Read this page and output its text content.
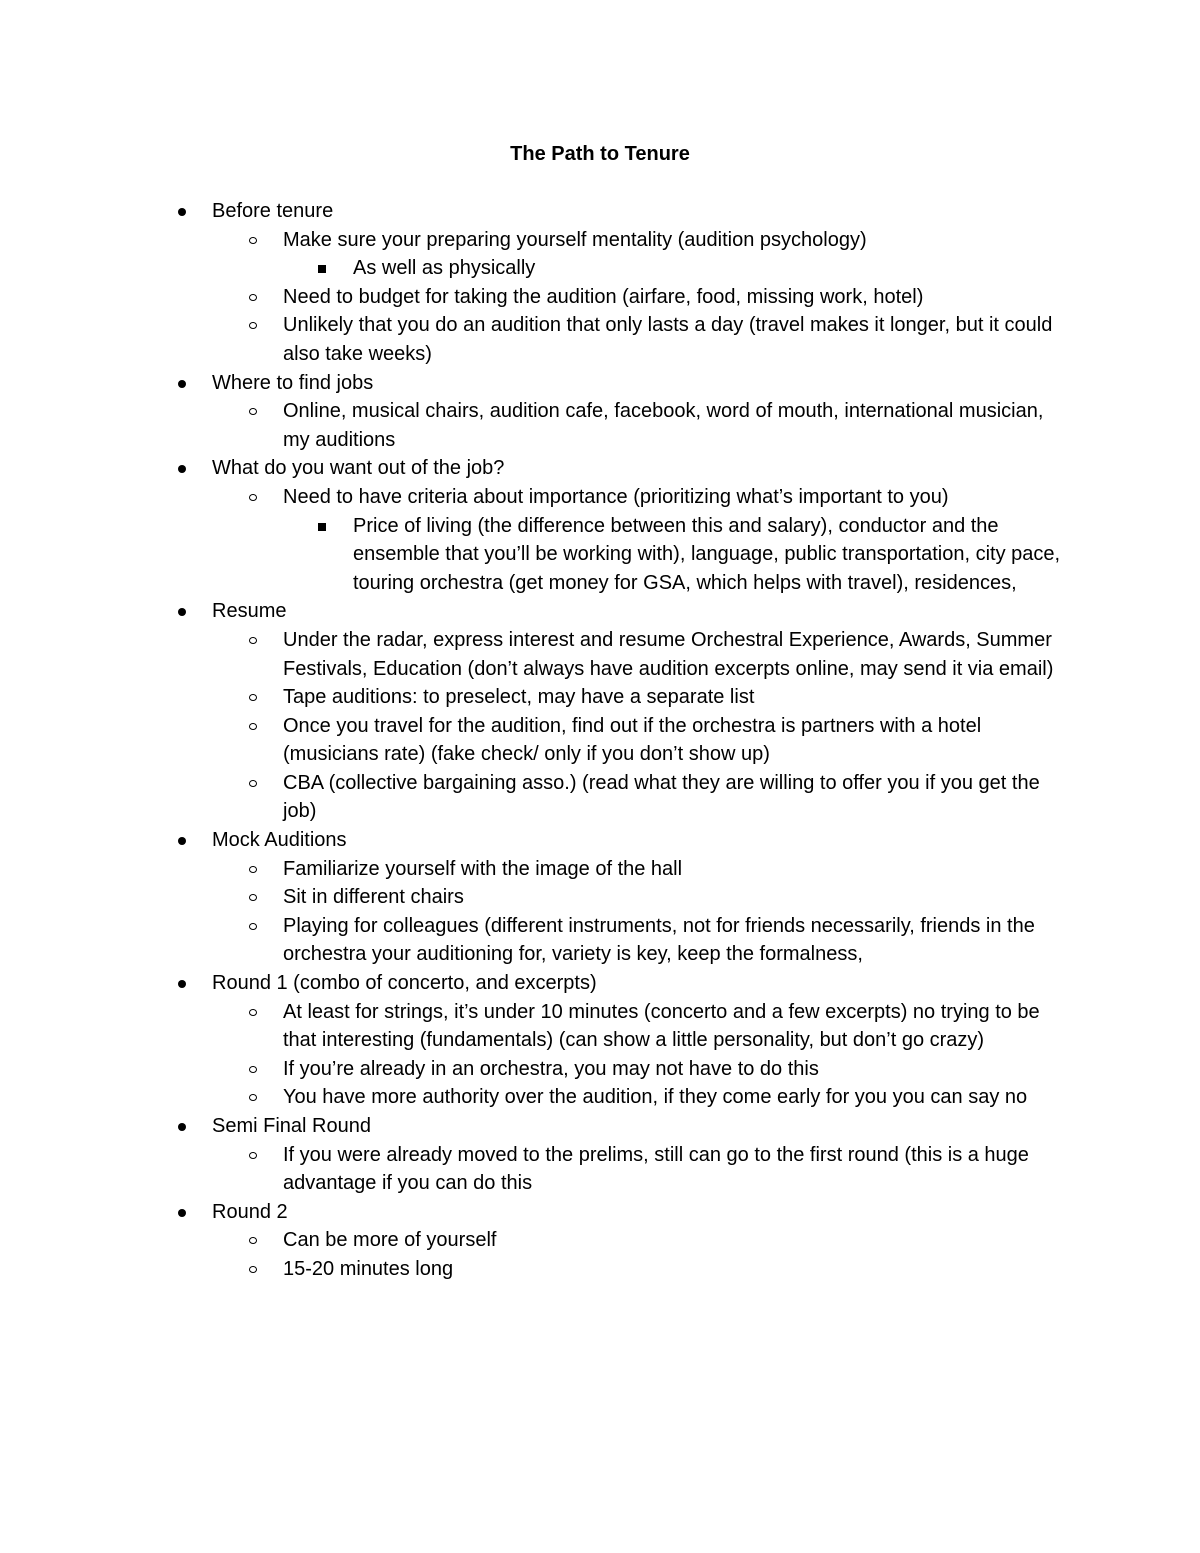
The Path to Tenure
Before tenure
Make sure your preparing yourself mentality (audition psychology)
As well as physically
Need to budget for taking the audition (airfare, food, missing work, hotel)
Unlikely that you do an audition that only lasts a day (travel makes it longer, but it could also take weeks)
Where to find jobs
Online, musical chairs, audition cafe, facebook, word of mouth, international musician, my auditions
What do you want out of the job?
Need to have criteria about importance (prioritizing what’s important to you)
Price of living (the difference between this and salary), conductor and the ensemble that you’ll be working with), language, public transportation, city pace, touring orchestra (get money for GSA, which helps with travel), residences,
Resume
Under the radar, express interest and resume Orchestral Experience, Awards, Summer Festivals, Education (don’t always have audition excerpts online, may send it via email)
Tape auditions: to preselect, may have a separate list
Once you travel for the audition, find out if the orchestra is partners with a hotel (musicians rate) (fake check/ only if you don’t show up)
CBA (collective bargaining asso.) (read what they are willing to offer you if you get the job)
Mock Auditions
Familiarize yourself with the image of the hall
Sit in different chairs
Playing for colleagues (different instruments, not for friends necessarily, friends in the orchestra your auditioning for, variety is key, keep the formalness,
Round 1 (combo of concerto, and excerpts)
At least for strings, it’s under 10 minutes (concerto and a few excerpts) no trying to be that interesting (fundamentals) (can show a little personality, but don’t go crazy)
If you’re already in an orchestra, you may not have to do this
You have more authority over the audition, if they come early for you you can say no
Semi Final Round
If you were already moved to the prelims, still can go to the first round (this is a huge advantage if you can do this
Round 2
Can be more of yourself
15-20 minutes long
